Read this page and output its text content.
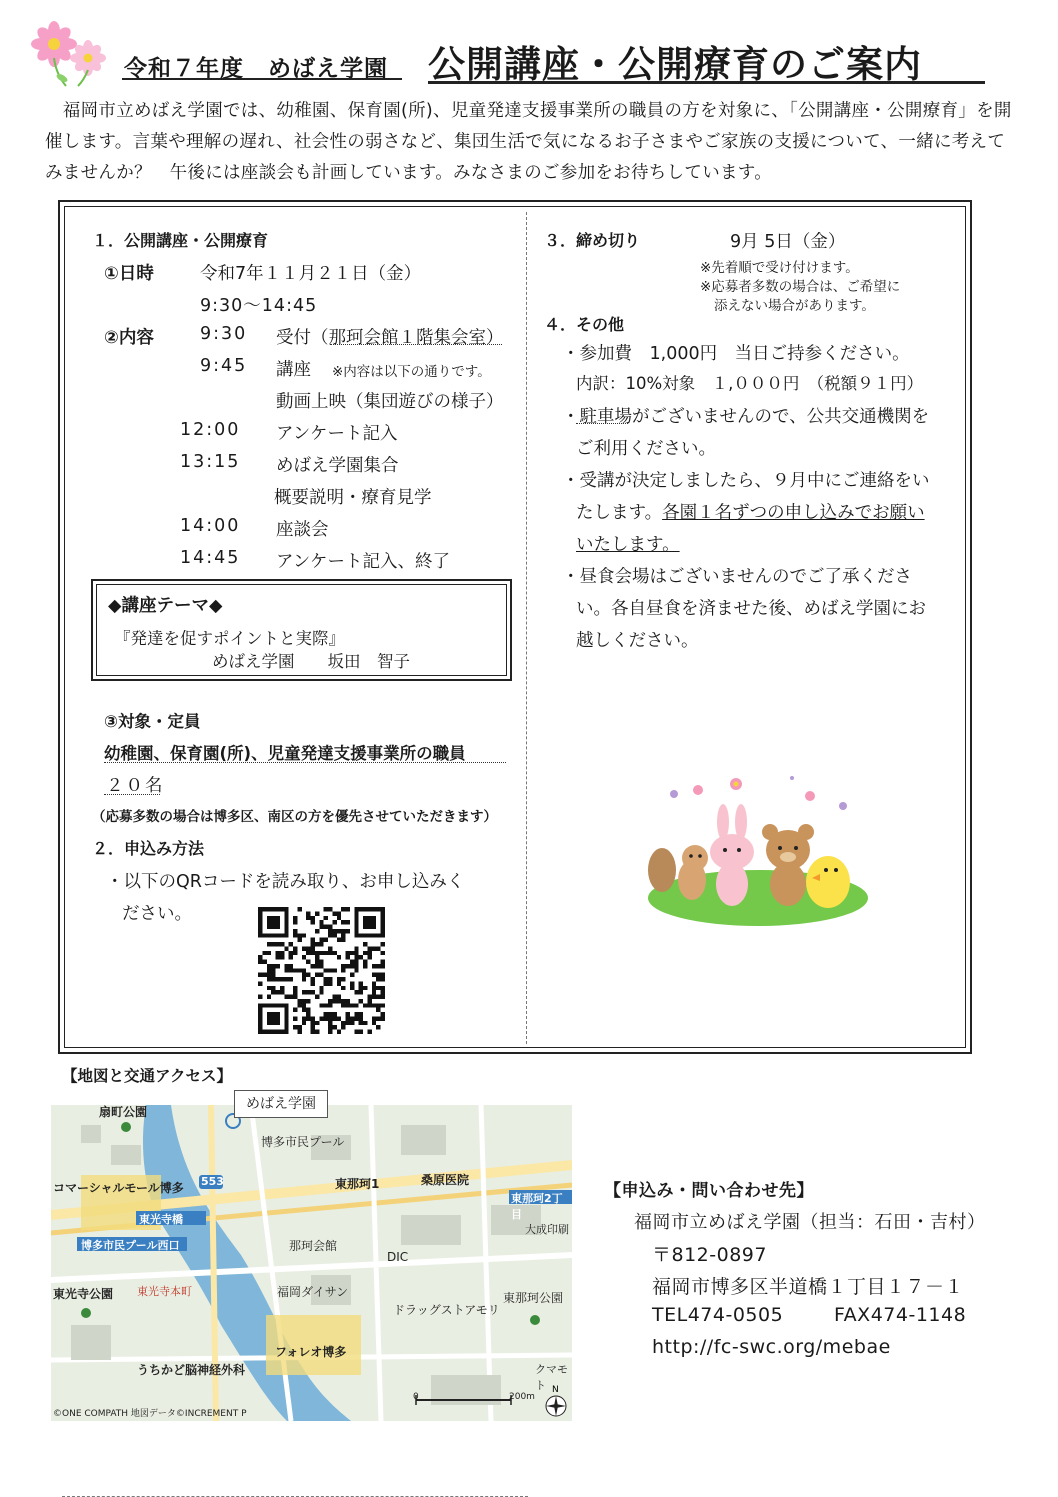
令和７年度　めばえ学園 公開講座・公開療育のご案内
　福岡市立めばえ学園では、幼稚園、保育園(所)、児童発達支援事業所の職員の方を対象に、「公開講座・公開療育」を開催します。言葉や理解の遅れ、社会性の弱さなど、集団生活で気になるお子さまやご家族の支援について、一緒に考えてみませんか？　午後には座談会も計画しています。みなさまのご参加をお待ちしています。
１．公開講座・公開療育
①日時	令和7年１１月２１日（金）
9:30〜14:45
②内容	9:30 受付（那珂会館１階集会室）
9:45 講座 ※内容は以下の通りです。
動画上映（集団遊びの様子）
12:00 アンケート記入
13:15 めばえ学園集合
概要説明・療育見学
14:00 座談会
14:45 アンケート記入、終了
◆講座テーマ◆
『発達を促すポイントと実際』
めばえ学園　　坂田　智子
③対象・定員
幼稚園、保育園(所)、児童発達支援事業所の職員
２０名
（応募多数の場合は博多区、南区の方を優先させていただきます）
２．申込み方法
・以下のQRコードを読み取り、お申し込みく
ださい。
３．締め切り	9月 5日（金）
※先着順で受け付けます。
※応募者多数の場合は、ご希望に
添えない場合があります。
４．その他
・参加費　1,000円　当日ご持参ください。
内訳：10%対象　１,０００円　（税額９１円）
・駐車場がございませんので、公共交通機関を
ご利用ください。
・受講が決定しましたら、９月中にご連絡をい
たします。各園１名ずつの申し込みでお願い
いたします。
・昼食会場はございませんのでご了承くださ
い。各自昼食を済ませた後、めばえ学園にお
越しください。
【地図と交通アクセス】
扇町公園
博多市民プール
東那珂1	桑原医院
東那珂2丁目
コマーシャルモール博多 553
東光寺橋
博多市民プール西口
大成印刷
DIC
那珂会館
福岡ダイサン
東光寺公園 東光寺本町
ドラッグストアモリ
東那珂公園
フォレオ博多
うちかど脳神経外科	クマモト
0	200m
©ONE COMPATH 地図データ©INCREMENT P
N
めばえ学園
【申込み・問い合わせ先】
福岡市立めばえ学園（担当：石田・吉村）
〒812-0897
福岡市博多区半道橋１丁目１７－１
TEL474-0505	FAX474-1148
http://fc-swc.org/mebae
